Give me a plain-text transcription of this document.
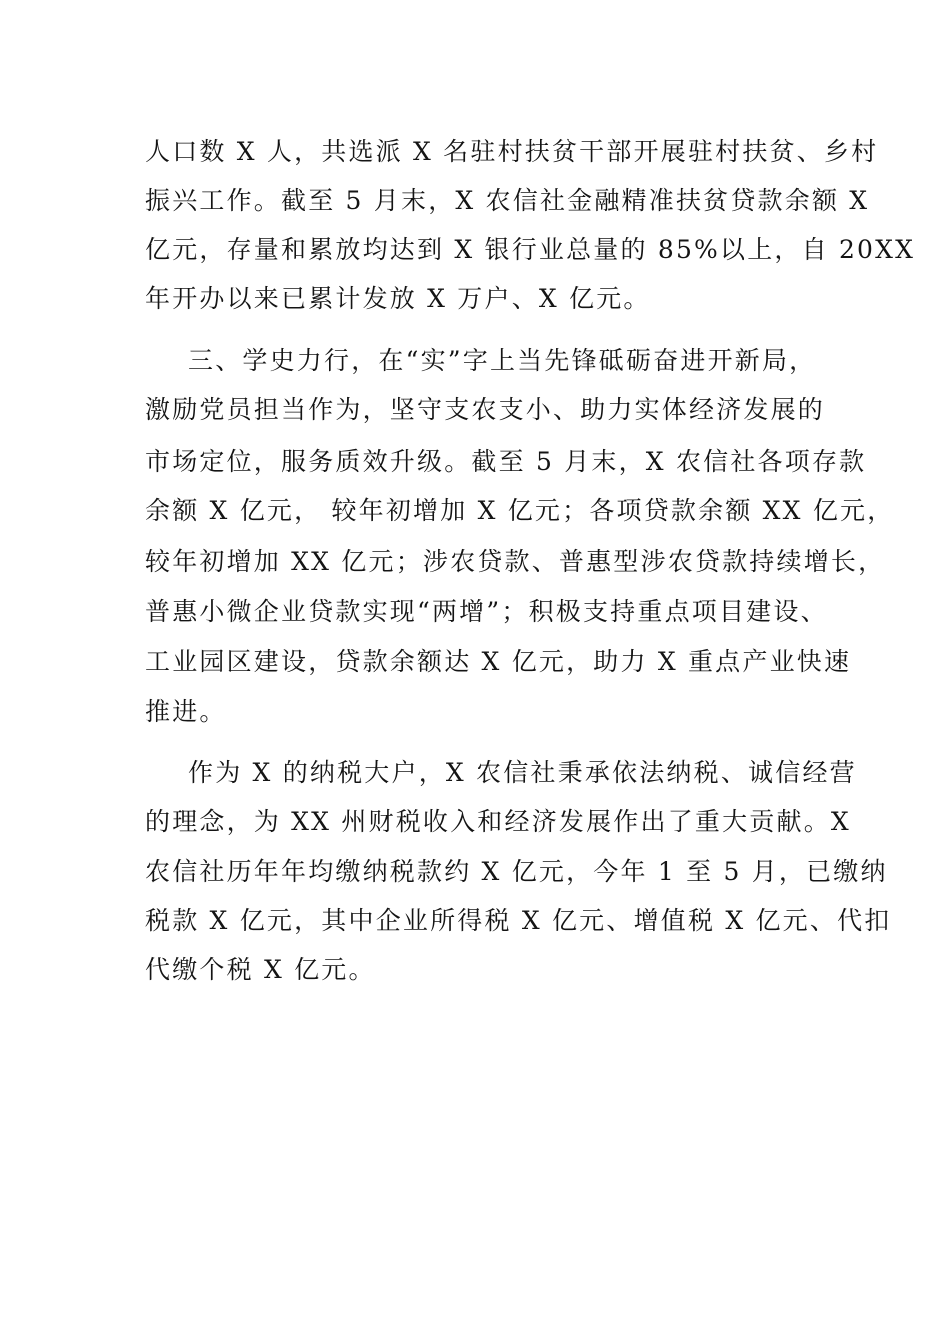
人口数 X 人，共选派 X 名驻村扶贫干部开展驻村扶贫、乡村
振兴工作。截至 5 月末，X 农信社金融精准扶贫贷款余额 X
亿元，存量和累放均达到 X 银行业总量的 85%以上，自 20XX
年开办以来已累计发放 X 万户、X 亿元。
三、学史力行，在“实”字上当先锋砥砺奋进开新局，
激励党员担当作为，坚守支农支小、助力实体经济发展的
市场定位，服务质效升级。截至 5 月末，X 农信社各项存款
余额 X 亿元， 较年初增加 X 亿元；各项贷款余额 XX 亿元，
较年初增加 XX 亿元；涉农贷款、普惠型涉农贷款持续增长，
普惠小微企业贷款实现“两增”；积极支持重点项目建设、
工业园区建设，贷款余额达 X 亿元，助力 X 重点产业快速
推进。
作为 X 的纳税大户，X 农信社秉承依法纳税、诚信经营
的理念，为 XX 州财税收入和经济发展作出了重大贡献。X
农信社历年年均缴纳税款约 X 亿元，今年 1 至 5 月，已缴纳
税款 X 亿元，其中企业所得税 X 亿元、增值税 X 亿元、代扣
代缴个税 X 亿元。
